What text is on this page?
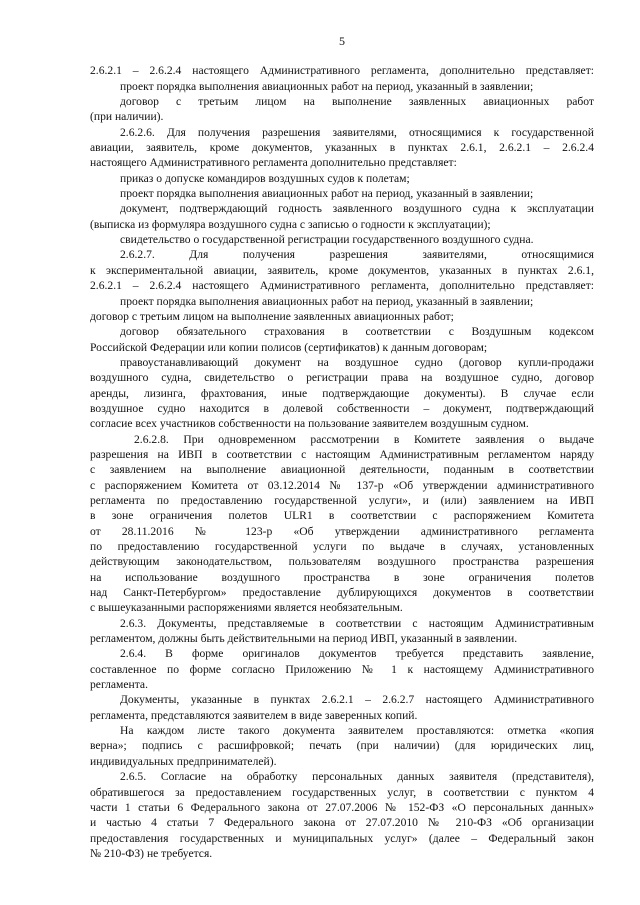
5
2.6.2.1 – 2.6.2.4 настоящего Административного регламента, дополнительно представляет:
проект порядка выполнения авиационных работ на период, указанный в заявлении;
договор с третьим лицом на выполнение заявленных авиационных работ
(при наличии).
2.6.2.6. Для получения разрешения заявителями, относящимися к государственной
авиации, заявитель, кроме документов, указанных в пунктах 2.6.1, 2.6.2.1 – 2.6.2.4
настоящего Административного регламента дополнительно представляет:
приказ о допуске командиров воздушных судов к полетам;
проект порядка выполнения авиационных работ на период, указанный в заявлении;
документ, подтверждающий годность заявленного воздушного судна к эксплуатации
(выписка из формуляра воздушного судна с записью о годности к эксплуатации);
свидетельство о государственной регистрации государственного воздушного судна.
2.6.2.7. Для получения разрешения заявителями, относящимися
к экспериментальной авиации, заявитель, кроме документов, указанных в пунктах 2.6.1,
2.6.2.1 – 2.6.2.4 настоящего Административного регламента, дополнительно представляет:
проект порядка выполнения авиационных работ на период, указанный в заявлении;
договор с третьим лицом на выполнение заявленных авиационных работ;
договор обязательного страхования в соответствии с Воздушным кодексом
Российской Федерации или копии полисов (сертификатов) к данным договорам;
правоустанавливающий документ на воздушное судно (договор купли-продажи
воздушного судна, свидетельство о регистрации права на воздушное судно, договор
аренды, лизинга, фрахтования, иные подтверждающие документы). В случае если
воздушное судно находится в долевой собственности – документ, подтверждающий
согласие всех участников собственности на пользование заявителем воздушным судном.
2.6.2.8. При одновременном рассмотрении в Комитете заявления о выдаче
разрешения на ИВП в соответствии с настоящим Административным регламентом наряду
с заявлением на выполнение авиационной деятельности, поданным в соответствии
с распоряжением Комитета от 03.12.2014 № 137-р «Об утверждении административного
регламента по предоставлению государственной услуги», и (или) заявлением на ИВП
в зоне ограничения полетов ULR1 в соответствии с распоряжением Комитета
от 28.11.2016 № 123-р «Об утверждении административного регламента
по предоставлению государственной услуги по выдаче в случаях, установленных
действующим законодательством, пользователям воздушного пространства разрешения
на использование воздушного пространства в зоне ограничения полетов
над Санкт-Петербургом» предоставление дублирующихся документов в соответствии
с вышеуказанными распоряжениями является необязательным.
2.6.3. Документы, представляемые в соответствии с настоящим Административным
регламентом, должны быть действительными на период ИВП, указанный в заявлении.
2.6.4. В форме оригиналов документов требуется представить заявление,
составленное по форме согласно Приложению № 1 к настоящему Административного
регламента.
Документы, указанные в пунктах 2.6.2.1 – 2.6.2.7 настоящего Административного
регламента, представляются заявителем в виде заверенных копий.
На каждом листе такого документа заявителем проставляются: отметка «копия
верна»; подпись с расшифровкой; печать (при наличии) (для юридических лиц,
индивидуальных предпринимателей).
2.6.5. Согласие на обработку персональных данных заявителя (представителя),
обратившегося за предоставлением государственных услуг, в соответствии с пунктом 4
части 1 статьи 6 Федерального закона от 27.07.2006 № 152-ФЗ «О персональных данных»
и частью 4 статьи 7 Федерального закона от 27.07.2010 № 210-ФЗ «Об организации
предоставления государственных и муниципальных услуг» (далее – Федеральный закон
№ 210-ФЗ) не требуется.
